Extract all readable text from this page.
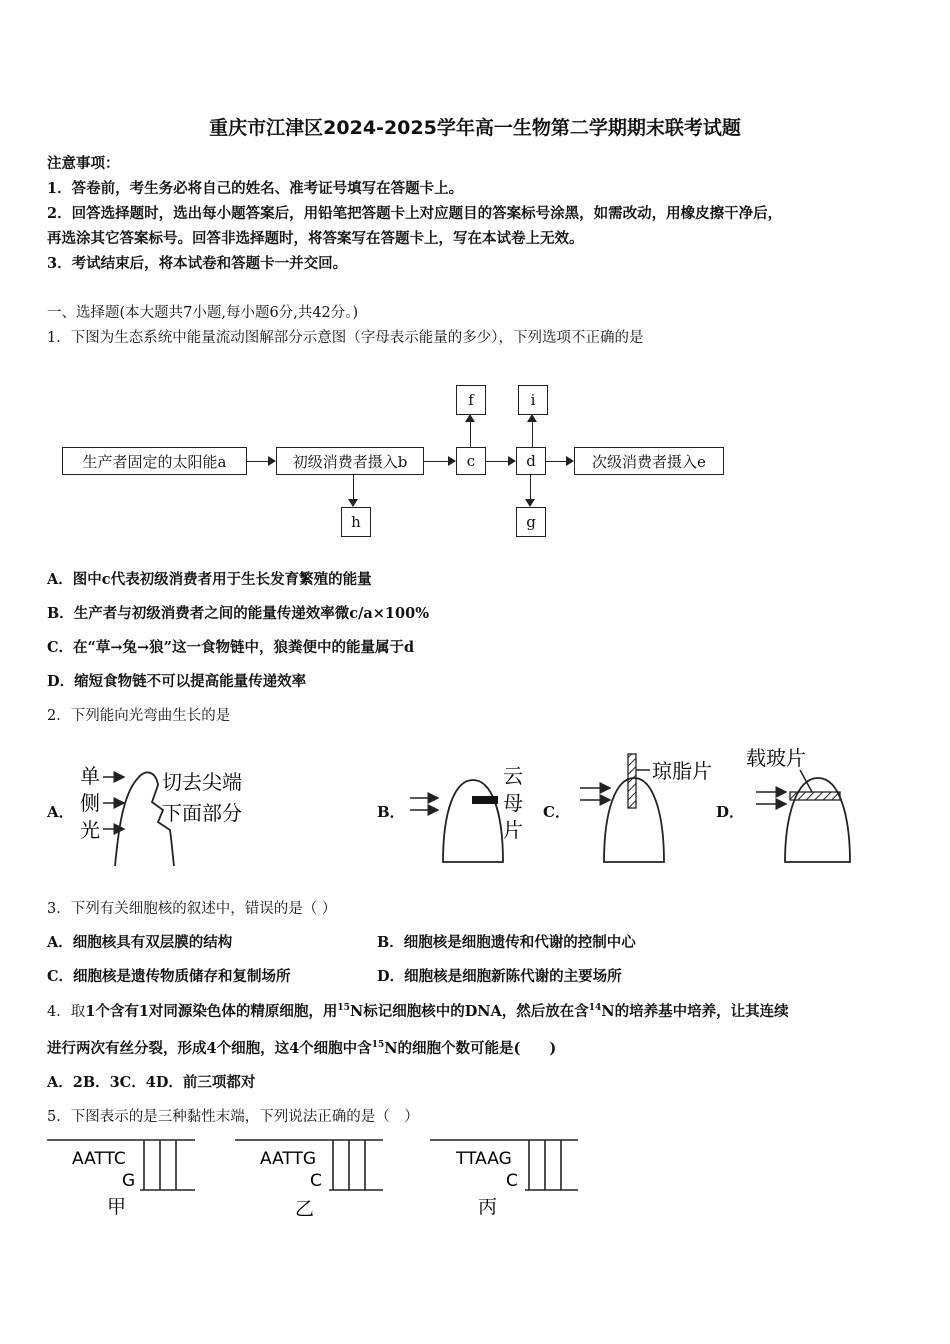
重庆市江津区2024-2025学年高一生物第二学期期末联考试题
注意事项：
1．答卷前，考生务必将自己的姓名、准考证号填写在答题卡上。
2．回答选择题时，选出每小题答案后，用铅笔把答题卡上对应题目的答案标号涂黑，如需改动，用橡皮擦干净后，
再选涂其它答案标号。回答非选择题时，将答案写在答题卡上，写在本试卷上无效。
3．考试结束后，将本试卷和答题卡一并交回。
一、选择题(本大题共7小题,每小题6分,共42分。)
1．下图为生态系统中能量流动图解部分示意图（字母表示能量的多少），下列选项不正确的是
生产者固定的太阳能a	初级消费者摄入b	c	d	次级消费者摄入e
f	i
h	g
A．图中c代表初级消费者用于生长发育繁殖的能量
B．生产者与初级消费者之间的能量传递效率微c/a×100%
C．在“草→兔→狼”这一食物链中，狼粪便中的能量属于d
D．缩短食物链不可以提高能量传递效率
2．下列能向光弯曲生长的是
A．	B．	C．	D．
单
侧
光
切去尖端
下面部分
云
母
片
琼脂片
载玻片
3．下列有关细胞核的叙述中，错误的是（ ）
A．细胞核具有双层膜的结构	B．细胞核是细胞遗传和代谢的控制中心
C．细胞核是遗传物质储存和复制场所	D．细胞核是细胞新陈代谢的主要场所
4．取1个含有1对同源染色体的精原细胞，用$^{15}$N标记细胞核中的DNA，然后放在含$^{14}$N的培养基中培养，让其连续
进行两次有丝分裂，形成4个细胞，这4个细胞中含$^{15}$N的细胞个数可能是(　　)
A．2B．3C．4D．前三项都对
5．下图表示的是三种黏性末端，下列说法正确的是（　）
AATTC
G
甲
AATTG
C
乙
TTAAG
C
丙
